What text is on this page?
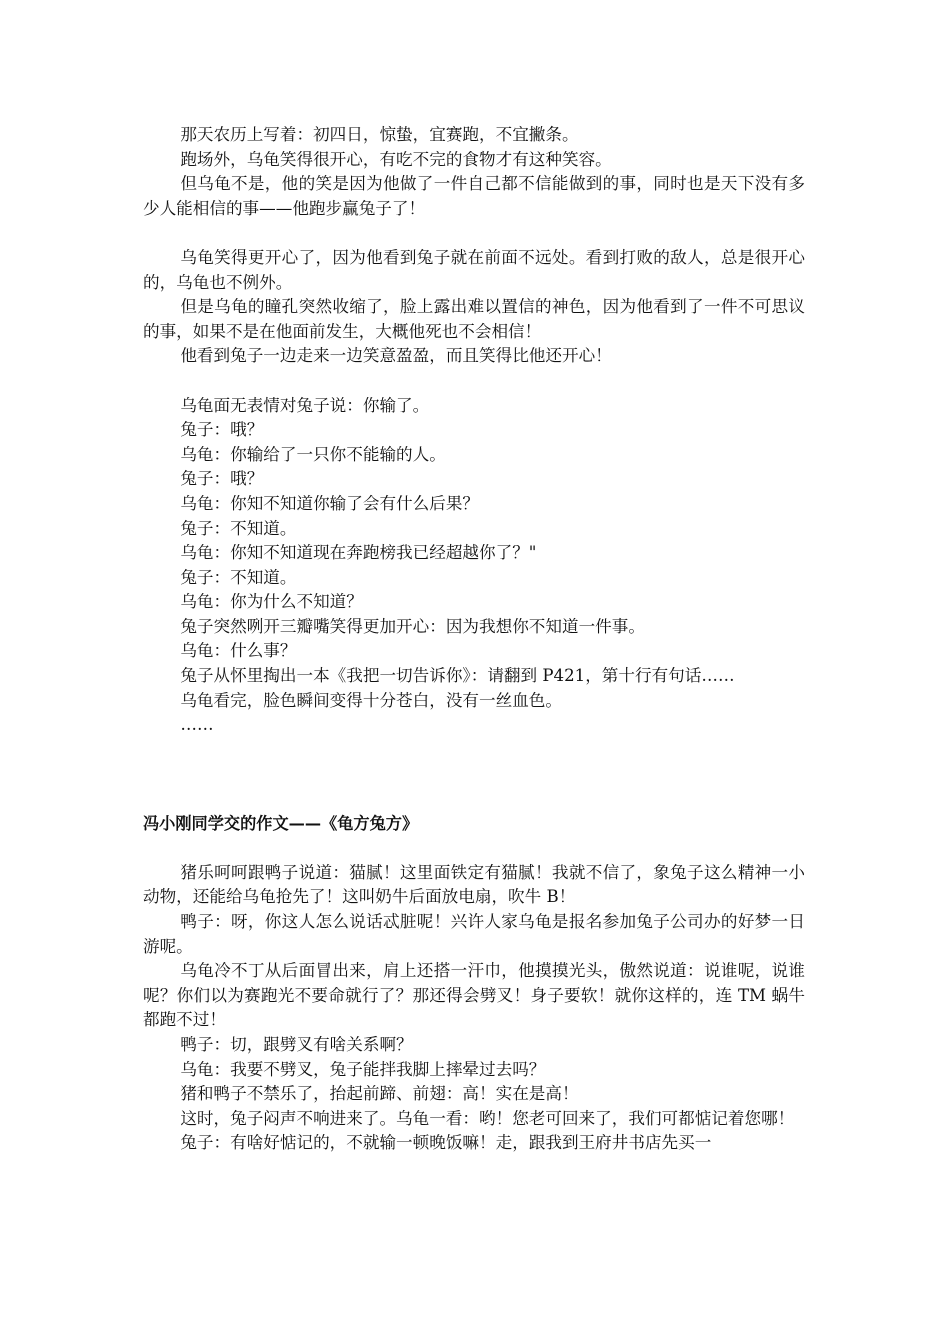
那天农历上写着：初四日，惊蛰，宜赛跑，不宜撇条。

跑场外，乌龟笑得很开心，有吃不完的食物才有这种笑容。

但乌龟不是，他的笑是因为他做了一件自己都不信能做到的事，同时也是天下没有多少人能相信的事——他跑步赢兔子了！

乌龟笑得更开心了，因为他看到兔子就在前面不远处。看到打败的敌人，总是很开心的，乌龟也不例外。

但是乌龟的瞳孔突然收缩了，脸上露出难以置信的神色，因为他看到了一件不可思议的事，如果不是在他面前发生，大概他死也不会相信！

他看到兔子一边走来一边笑意盈盈，而且笑得比他还开心！

乌龟面无表情对兔子说：你输了。

兔子：哦？

乌龟：你输给了一只你不能输的人。

兔子：哦？

乌龟：你知不知道你输了会有什么后果？

兔子：不知道。

乌龟：你知不知道现在奔跑榜我已经超越你了？"

兔子：不知道。

乌龟：你为什么不知道？

兔子突然咧开三瓣嘴笑得更加开心：因为我想你不知道一件事。

乌龟：什么事？

兔子从怀里掏出一本《我把一切告诉你》：请翻到 P421，第十行有句话……

乌龟看完，脸色瞬间变得十分苍白，没有一丝血色。

……

冯小刚同学交的作文——《龟方兔方》

猪乐呵呵跟鸭子说道：猫腻！这里面铁定有猫腻！我就不信了，象兔子这么精神一小动物，还能给乌龟抢先了！这叫奶牛后面放电扇，吹牛 B！

鸭子：呀，你这人怎么说话忒脏呢！兴许人家乌龟是报名参加兔子公司办的好梦一日游呢。

乌龟冷不丁从后面冒出来，肩上还搭一汗巾，他摸摸光头，傲然说道：说谁呢，说谁呢？你们以为赛跑光不要命就行了？那还得会劈叉！身子要软！就你这样的，连 TM 蜗牛都跑不过！

鸭子：切，跟劈叉有啥关系啊？

乌龟：我要不劈叉，兔子能拌我脚上摔晕过去吗？

猪和鸭子不禁乐了，抬起前蹄、前翅：高！实在是高！

这时，兔子闷声不响进来了。乌龟一看：哟！您老可回来了，我们可都惦记着您哪！

兔子：有啥好惦记的，不就输一顿晚饭嘛！走，跟我到王府井书店先买一
